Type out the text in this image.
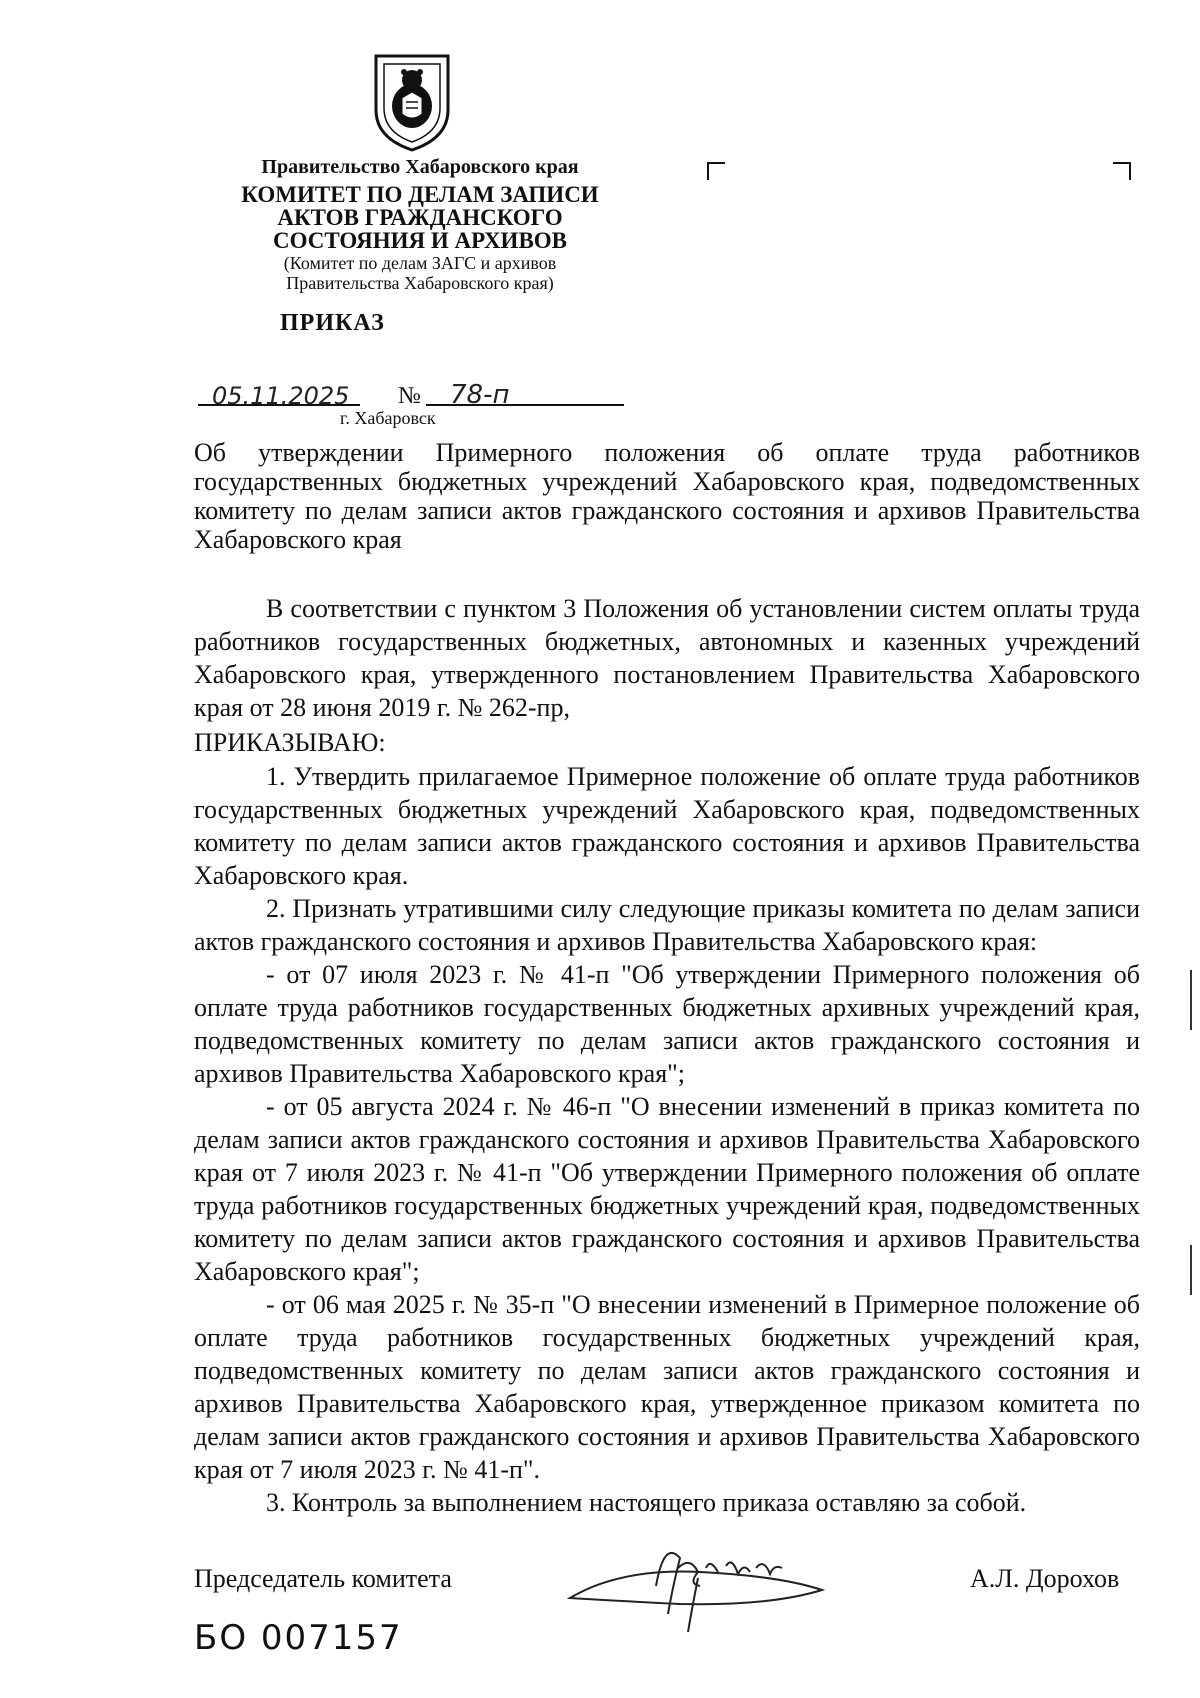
Правительство Хабаровского края
КОМИТЕТ ПО ДЕЛАМ ЗАПИСИ
АКТОВ ГРАЖДАНСКОГО
СОСТОЯНИЯ И АРХИВОВ
(Комитет по делам ЗАГС и архивов
Правительства Хабаровского края)
ПРИКАЗ
05.11.2025 № 78-п
г. Хабаровск
Об утверждении Примерного положения об оплате труда работников государственных бюджетных учреждений Хабаровского края, подведомственных комитету по делам записи актов гражданского состояния и архивов Правительства Хабаровского края

В соответствии с пунктом 3 Положения об установлении систем оплаты труда работников государственных бюджетных, автономных и казенных учреждений Хабаровского края, утвержденного постановлением Правительства Хабаровского края от 28 июня 2019 г. № 262-пр,

ПРИКАЗЫВАЮ:

1. Утвердить прилагаемое Примерное положение об оплате труда работников государственных бюджетных учреждений Хабаровского края, подведомственных комитету по делам записи актов гражданского состояния и архивов Правительства Хабаровского края.

2. Признать утратившими силу следующие приказы комитета по делам записи актов гражданского состояния и архивов Правительства Хабаровского края:

- от 07 июля 2023 г. № 41-п "Об утверждении Примерного положения об оплате труда работников государственных бюджетных архивных учреждений края, подведомственных комитету по делам записи актов гражданского состояния и архивов Правительства Хабаровского края";

- от 05 августа 2024 г. № 46-п "О внесении изменений в приказ комитета по делам записи актов гражданского состояния и архивов Правительства Хабаровского края от 7 июля 2023 г. № 41-п "Об утверждении Примерного положения об оплате труда работников государственных бюджетных учреждений края, подведомственных комитету по делам записи актов гражданского состояния и архивов Правительства Хабаровского края";

- от 06 мая 2025 г. № 35-п "О внесении изменений в Примерное положение об оплате труда работников государственных бюджетных учреждений края, подведомственных комитету по делам записи актов гражданского состояния и архивов Правительства Хабаровского края, утвержденное приказом комитета по делам записи актов гражданского состояния и архивов Правительства Хабаровского края от 7 июля 2023 г. № 41-п".

3. Контроль за выполнением настоящего приказа оставляю за собой.

Председатель комитета	А.Л. Дорохов
БО 007157
